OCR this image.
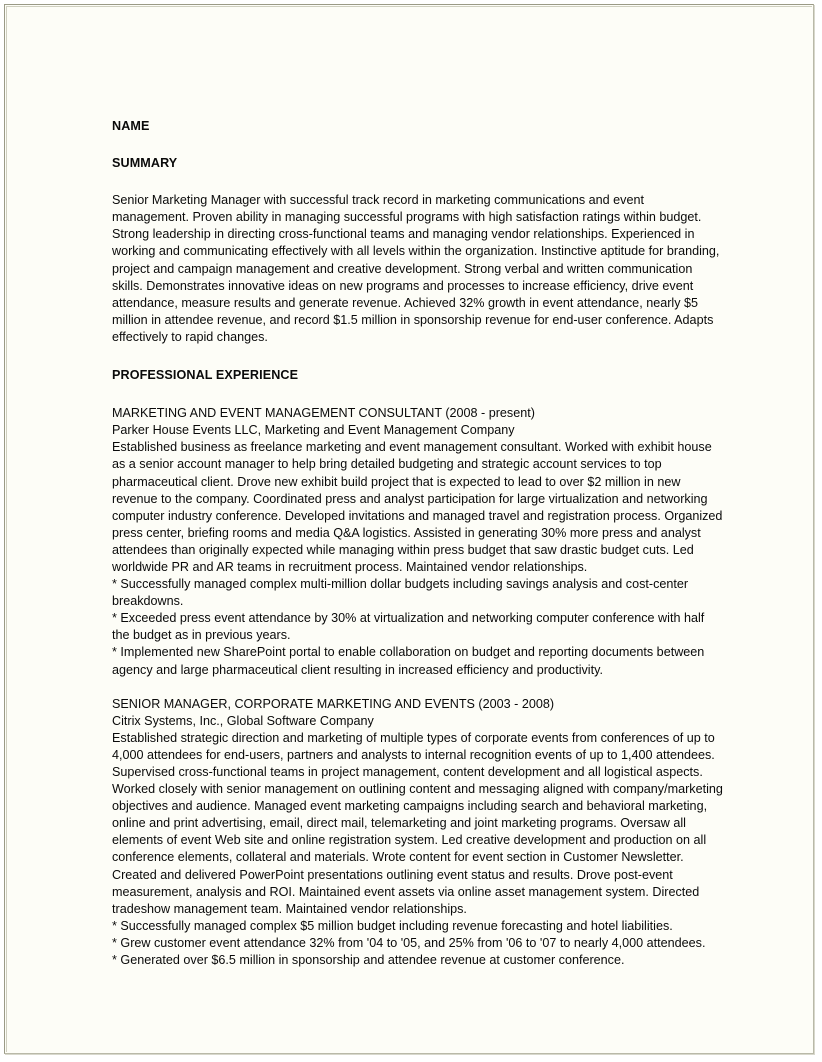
NAME
SUMMARY

Senior Marketing Manager with successful track record in marketing communications and event management. Proven ability in managing successful programs with high satisfaction ratings within budget. Strong leadership in directing cross-functional teams and managing vendor relationships. Experienced in working and communicating effectively with all levels within the organization. Instinctive aptitude for branding, project and campaign management and creative development. Strong verbal and written communication skills. Demonstrates innovative ideas on new programs and processes to increase efficiency, drive event attendance, measure results and generate revenue. Achieved 32% growth in event attendance, nearly $5 million in attendee revenue, and record $1.5 million in sponsorship revenue for end-user conference. Adapts effectively to rapid changes.

PROFESSIONAL EXPERIENCE

MARKETING AND EVENT MANAGEMENT CONSULTANT (2008 - present)

Parker House Events LLC, Marketing and Event Management Company

Established business as freelance marketing and event management consultant. Worked with exhibit house as a senior account manager to help bring detailed budgeting and strategic account services to top pharmaceutical client. Drove new exhibit build project that is expected to lead to over $2 million in new revenue to the company. Coordinated press and analyst participation for large virtualization and networking computer industry conference. Developed invitations and managed travel and registration process. Organized press center, briefing rooms and media Q&A logistics. Assisted in generating 30% more press and analyst attendees than originally expected while managing within press budget that saw drastic budget cuts. Led worldwide PR and AR teams in recruitment process. Maintained vendor relationships.

* Successfully managed complex multi-million dollar budgets including savings analysis and cost-center breakdowns.

* Exceeded press event attendance by 30% at virtualization and networking computer conference with half the budget as in previous years.

* Implemented new SharePoint portal to enable collaboration on budget and reporting documents between agency and large pharmaceutical client resulting in increased efficiency and productivity.

SENIOR MANAGER, CORPORATE MARKETING AND EVENTS (2003 - 2008)

Citrix Systems, Inc., Global Software Company

Established strategic direction and marketing of multiple types of corporate events from conferences of up to 4,000 attendees for end-users, partners and analysts to internal recognition events of up to 1,400 attendees. Supervised cross-functional teams in project management, content development and all logistical aspects. Worked closely with senior management on outlining content and messaging aligned with company/marketing objectives and audience. Managed event marketing campaigns including search and behavioral marketing, online and print advertising, email, direct mail, telemarketing and joint marketing programs. Oversaw all elements of event Web site and online registration system. Led creative development and production on all conference elements, collateral and materials. Wrote content for event section in Customer Newsletter. Created and delivered PowerPoint presentations outlining event status and results. Drove post-event measurement, analysis and ROI. Maintained event assets via online asset management system. Directed tradeshow management team. Maintained vendor relationships.

* Successfully managed complex $5 million budget including revenue forecasting and hotel liabilities.

* Grew customer event attendance 32% from '04 to '05, and 25% from '06 to '07 to nearly 4,000 attendees.

* Generated over $6.5 million in sponsorship and attendee revenue at customer conference.
